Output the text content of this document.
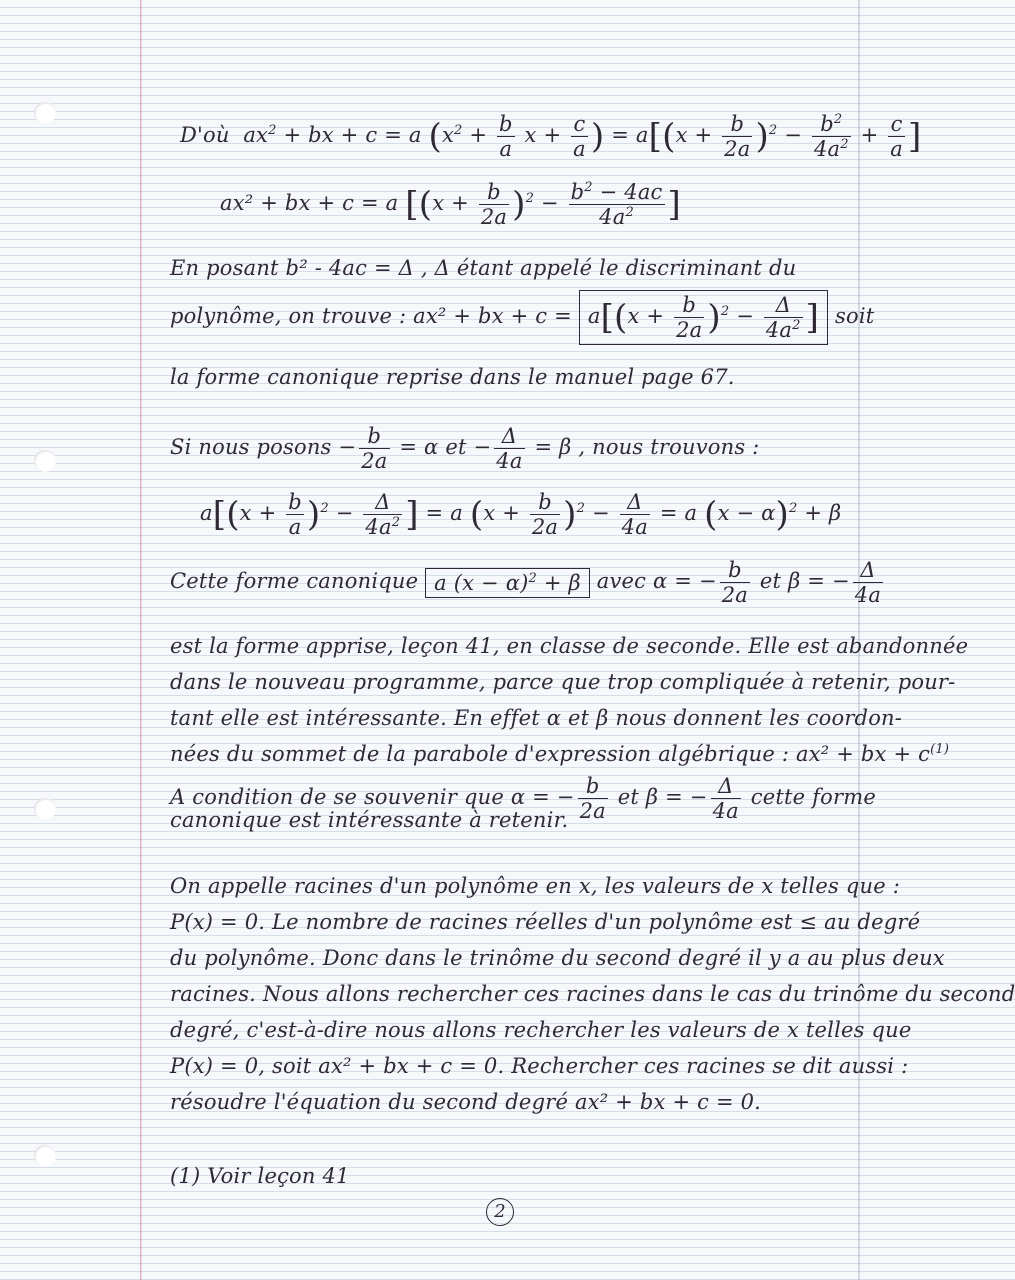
D'où  $ax^2$ + bx + c = a ($x^2 + \frac{b}{a}$ $x + \frac{c}{a}$ ) = $a[(x + \frac{b}{2a} )^2 - \frac{b^2}{4a^2} + \frac{c}{a}$ ]
ax² + bx + c = a [$(x + \frac{b}{2a} )^2 - \frac{b^2 - 4ac}{4a^2}$ ]
En posant b² - 4ac = Δ , Δ étant appelé le discriminant du
polynôme, on trouve : ax² + bx + $c = a[(x + \frac{b}{2a} )^2 - \frac{\Delta}{4a^2}$ ] soit
la forme canonique reprise dans le manuel page 67.
Si nous posons − $\frac{b}{2a} = \alpha$ et − $\frac{\Delta}{4a} = \beta$ , nous trouvons :
$a[(x + \frac{b}{a} )^2 - \frac{\Delta}{4a^2}$ ] = a $(x + \frac{b}{2a} )^2 - \frac{\Delta}{4a} = a$ $(x - \alpha)^2 + \beta$
Cette forme canonique a $(x - \alpha)^2 + \beta$ avec α = − $\frac{b}{2a}$ et β = − $\frac{\Delta}{4a}$
est la forme apprise, leçon 41, en classe de seconde. Elle est abandonnée
dans le nouveau programme, parce que trop compliquée à retenir, pour-
tant elle est intéressante. En effet α et β nous donnent les coordon-
nées du sommet de la parabole d'expression algébrique : ax² + bx + $c^{(1)}$
A condition de se souvenir que α = − $\frac{b}{2a}$ et β = − $\frac{\Delta}{4a}$ cette forme
canonique est intéressante à retenir.
On appelle racines d'un polynôme en x, les valeurs de x telles que :
P(x) = 0. Le nombre de racines réelles d'un polynôme est ≤ au degré
du polynôme. Donc dans le trinôme du second degré il y a au plus deux
racines. Nous allons rechercher ces racines dans le cas du trinôme du second
degré, c'est-à-dire nous allons rechercher les valeurs de x telles que
P(x) = 0, soit ax² + bx + c = 0. Rechercher ces racines se dit aussi :
résoudre l'équation du second degré ax² + bx + c = 0.
(1) Voir leçon 41
2
